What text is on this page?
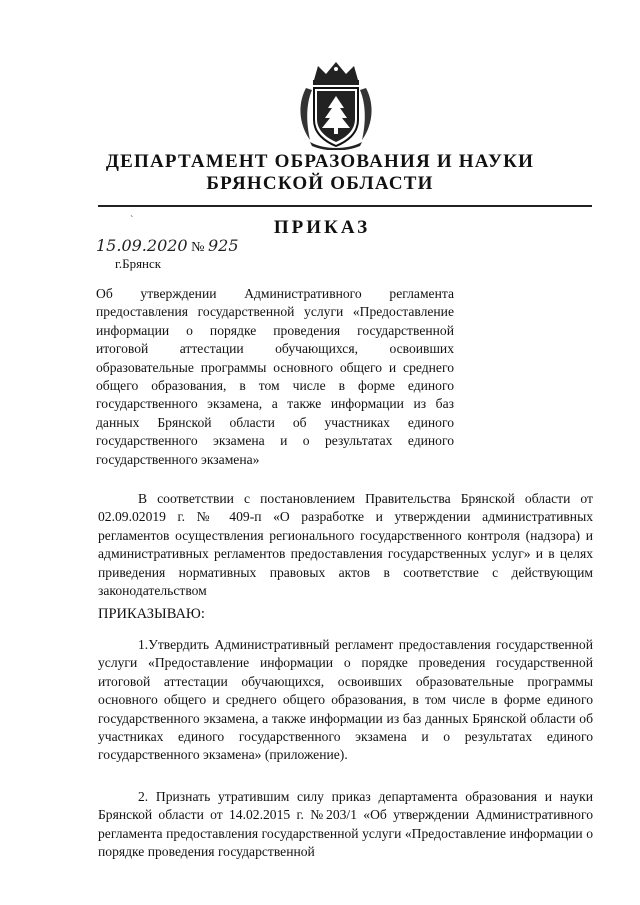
ДЕПАРТАМЕНТ ОБРАЗОВАНИЯ И НАУКИ
БРЯНСКОЙ ОБЛАСТИ
`	ПРИКАЗ
15.09.2020 № 925
г.Брянск
Об утверждении Административного регламента предоставления государственной услуги «Предоставление информации о порядке проведения государственной итоговой аттестации обучающихся, освоивших образовательные программы основного общего и среднего общего образования, в том числе в форме единого государственного экзамена, а также информации из баз данных Брянской области об участниках единого государственного экзамена и о результатах единого государственного экзамена»
В соответствии с постановлением Правительства Брянской области от 02.09.02019 г. № 409-п «О разработке и утверждении административных регламентов осуществления регионального государственного контроля (надзора) и административных регламентов предоставления государственных услуг» и в целях приведения нормативных правовых актов в соответствие с действующим законодательством
ПРИКАЗЫВАЮ:
1.Утвердить Административный регламент предоставления государственной услуги «Предоставление информации о порядке проведения государственной итоговой аттестации обучающихся, освоивших образовательные программы основного общего и среднего общего образования, в том числе в форме единого государственного экзамена, а также информации из баз данных Брянской области об участниках единого государственного экзамена и о результатах единого государственного экзамена» (приложение).
2. Признать утратившим силу приказ департамента образования и науки Брянской области от 14.02.2015 г. №203/1 «Об утверждении Административного регламента предоставления государственной услуги «Предоставление информации о порядке проведения государственной
